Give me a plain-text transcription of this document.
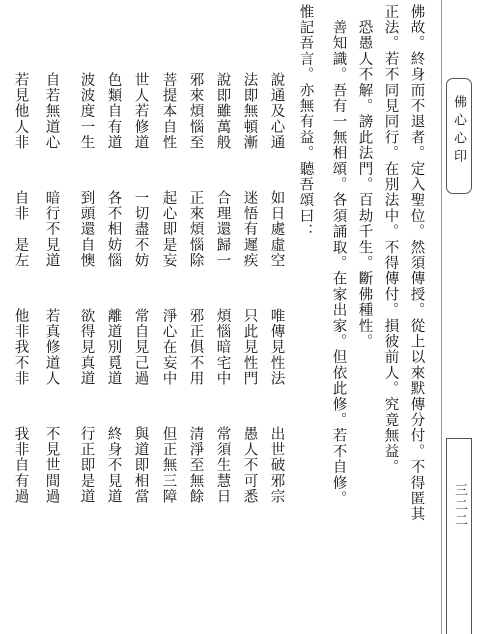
佛心心印
三二二
佛故。終身而不退者。定入聖位。然須傳授。從上以來默傳分付。不得匿其
正法。若不同見同行。在別法中。不得傳付。損彼前人。究竟無益。
　恐愚人不解。謗此法門。百劫千生。斷佛種性。
　善知識。吾有一無相頌。各須誦取。在家出家。但依此修。若不自修。
惟記吾言。亦無有益。聽吾頌曰：
說通及心通
如日處虛空
唯傳見性法
出世破邪宗
法即無頓漸
迷悟有遲疾
只此見性門
愚人不可悉
說即雖萬般
合理還歸一
煩惱暗宅中
常須生慧日
邪來煩惱至
正來煩惱除
邪正俱不用
清淨至無餘
菩提本自性
起心即是妄
淨心在妄中
但正無三障
世人若修道
一切盡不妨
常自見己過
與道即相當
色類自有道
各不相妨惱
離道別覓道
終身不見道
波波度一生
到頭還自懊
欲得見真道
行正即是道
自若無道心
暗行不見道
若真修道人
不見世間過
若見他人非
自非　是左
他非我不非
我非自有過
